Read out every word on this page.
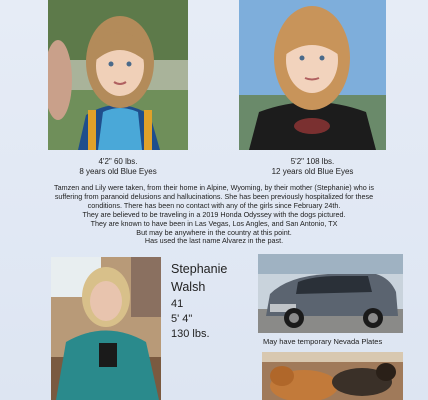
4'2" 60 lbs.
8 years old Blue Eyes
5'2" 108 lbs.
12 years old Blue Eyes
Tamzen and Lily were taken, from their home in Alpine, Wyoming, by their mother (Stephanie) who is
suffering from paranoid delusions and hallucinations. She has been previously hospitalized for these
conditions. There has been no contact with any of the girls since February 24th.
They are believed to be traveling in a 2019 Honda Odyssey with the dogs pictured.
They are known to have been in Las Vegas, Los Angles, and San Antonio, TX
But may be anywhere in the country at this point.
Has used the last name Alvarez in the past.
Stephanie
Walsh
41
5' 4"
130 lbs.
May have temporary Nevada Plates
